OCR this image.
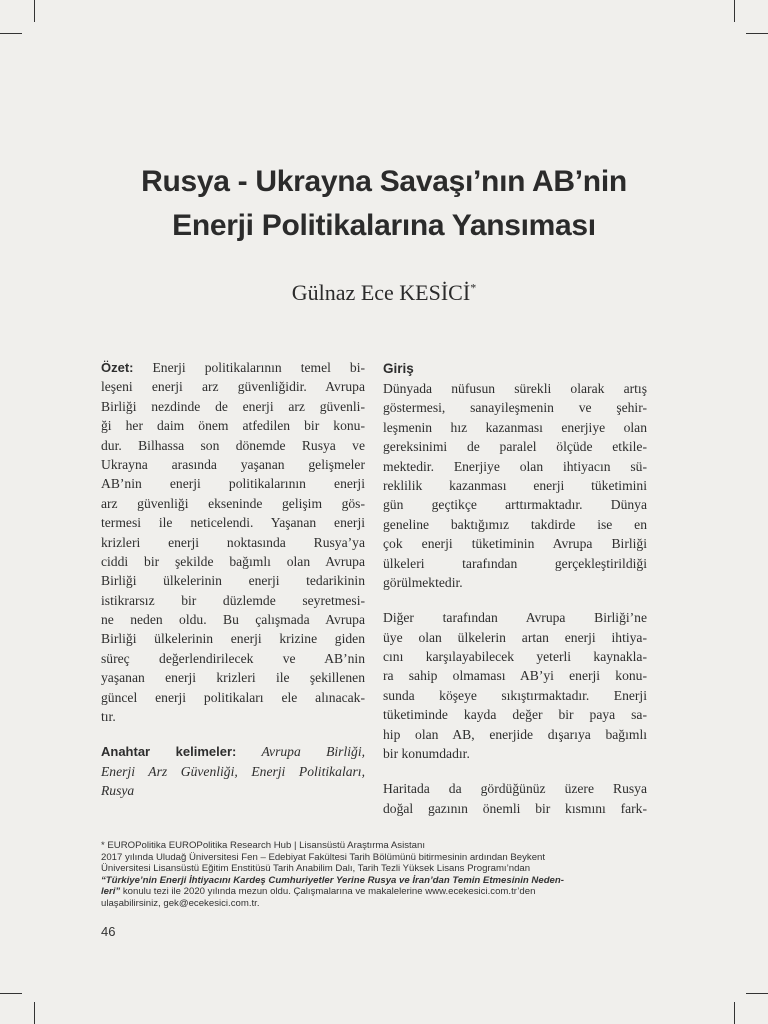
Rusya - Ukrayna Savaşı’nın AB’nin
Enerji Politikalarına Yansıması
Gülnaz Ece KESİCİ*
Özet: Enerji politikalarının temel bi-
leşeni enerji arz güvenliğidir. Avrupa
Birliği nezdinde de enerji arz güvenli-
ği her daim önem atfedilen bir konu-
dur. Bilhassa son dönemde Rusya ve
Ukrayna arasında yaşanan gelişmeler
AB’nin enerji politikalarının enerji
arz güvenliği ekseninde gelişim gös-
termesi ile neticelendi. Yaşanan enerji
krizleri enerji noktasında Rusya’ya
ciddi bir şekilde bağımlı olan Avrupa
Birliği ülkelerinin enerji tedarikinin
istikrarsız bir düzlemde seyretmesi-
ne neden oldu. Bu çalışmada Avrupa
Birliği ülkelerinin enerji krizine giden
süreç değerlendirilecek ve AB’nin
yaşanan enerji krizleri ile şekillenen
güncel enerji politikaları ele alınacak-
tır.
Anahtar kelimeler: Avrupa Birliği,
Enerji Arz Güvenliği, Enerji Politikaları,
Rusya
Giriş
Dünyada nüfusun sürekli olarak artış
göstermesi, sanayileşmenin ve şehir-
leşmenin hız kazanması enerjiye olan
gereksinimi de paralel ölçüde etkile-
mektedir. Enerjiye olan ihtiyacın sü-
reklilik kazanması enerji tüketimini
gün geçtikçe arttırmaktadır. Dünya
geneline baktığımız takdirde ise en
çok enerji tüketiminin Avrupa Birliği
ülkeleri tarafından gerçekleştirildiği
görülmektedir.
Diğer tarafından Avrupa Birliği’ne
üye olan ülkelerin artan enerji ihtiya-
cını karşılayabilecek yeterli kaynakla-
ra sahip olmaması AB’yi enerji konu-
sunda köşeye sıkıştırmaktadır. Enerji
tüketiminde kayda değer bir paya sa-
hip olan AB, enerjide dışarıya bağımlı
bir konumdadır.
Haritada da gördüğünüz üzere Rusya
doğal gazının önemli bir kısmını fark-
* EUROPolitika EUROPolitika Research Hub | Lisansüstü Araştırma Asistanı
2017 yılında Uludağ Üniversitesi Fen – Edebiyat Fakültesi Tarih Bölümünü bitirmesinin ardından Beykent
Üniversitesi Lisansüstü Eğitim Enstitüsü Tarih Anabilim Dalı, Tarih Tezli Yüksek Lisans Programı’ndan
“Türkiye’nin Enerji İhtiyacını Kardeş Cumhuriyetler Yerine Rusya ve İran’dan Temin Etmesinin Neden-
leri” konulu tezi ile 2020 yılında mezun oldu. Çalışmalarına ve makalelerine www.ecekesici.com.tr’den
ulaşabilirsiniz, gek@ecekesici.com.tr.
46
